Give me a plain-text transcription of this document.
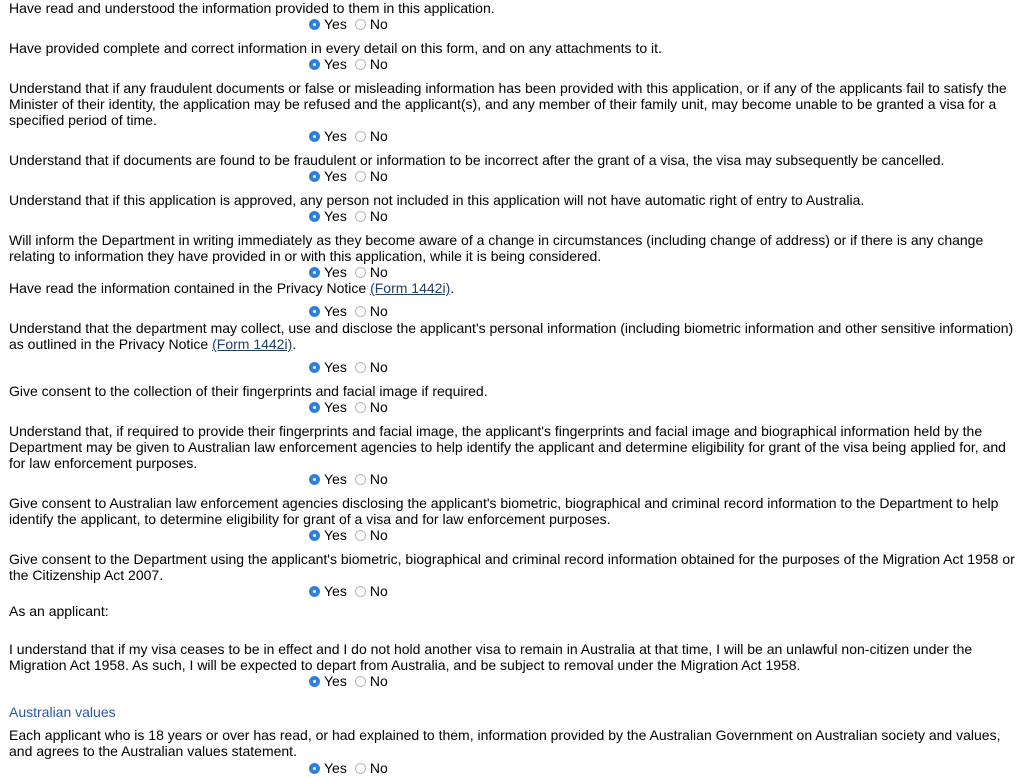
Have read and understood the information provided to them in this application.

Yes No

Have provided complete and correct information in every detail on this form, and on any attachments to it.

Yes No

Understand that if any fraudulent documents or false or misleading information has been provided with this application, or if any of the applicants fail to satisfy the Minister of their identity, the application may be refused and the applicant(s), and any member of their family unit, may become unable to be granted a visa for a specified period of time.

Yes No

Understand that if documents are found to be fraudulent or information to be incorrect after the grant of a visa, the visa may subsequently be cancelled.

Yes No

Understand that if this application is approved, any person not included in this application will not have automatic right of entry to Australia.

Yes No

Will inform the Department in writing immediately as they become aware of a change in circumstances (including change of address) or if there is any change relating to information they have provided in or with this application, while it is being considered.

Yes No

Have read the information contained in the Privacy Notice (Form 1442i).

Yes No

Understand that the department may collect, use and disclose the applicant's personal information (including biometric information and other sensitive information) as outlined in the Privacy Notice (Form 1442i).

Yes No

Give consent to the collection of their fingerprints and facial image if required.

Yes No

Understand that, if required to provide their fingerprints and facial image, the applicant's fingerprints and facial image and biographical information held by the Department may be given to Australian law enforcement agencies to help identify the applicant and determine eligibility for grant of the visa being applied for, and for law enforcement purposes.

Yes No

Give consent to Australian law enforcement agencies disclosing the applicant's biometric, biographical and criminal record information to the Department to help identify the applicant, to determine eligibility for grant of a visa and for law enforcement purposes.

Yes No

Give consent to the Department using the applicant's biometric, biographical and criminal record information obtained for the purposes of the Migration Act 1958 or the Citizenship Act 2007.

Yes No

As an applicant:

I understand that if my visa ceases to be in effect and I do not hold another visa to remain in Australia at that time, I will be an unlawful non-citizen under the Migration Act 1958. As such, I will be expected to depart from Australia, and be subject to removal under the Migration Act 1958.

Yes No
Australian values

Each applicant who is 18 years or over has read, or had explained to them, information provided by the Australian Government on Australian society and values, and agrees to the Australian values statement.

Yes No
